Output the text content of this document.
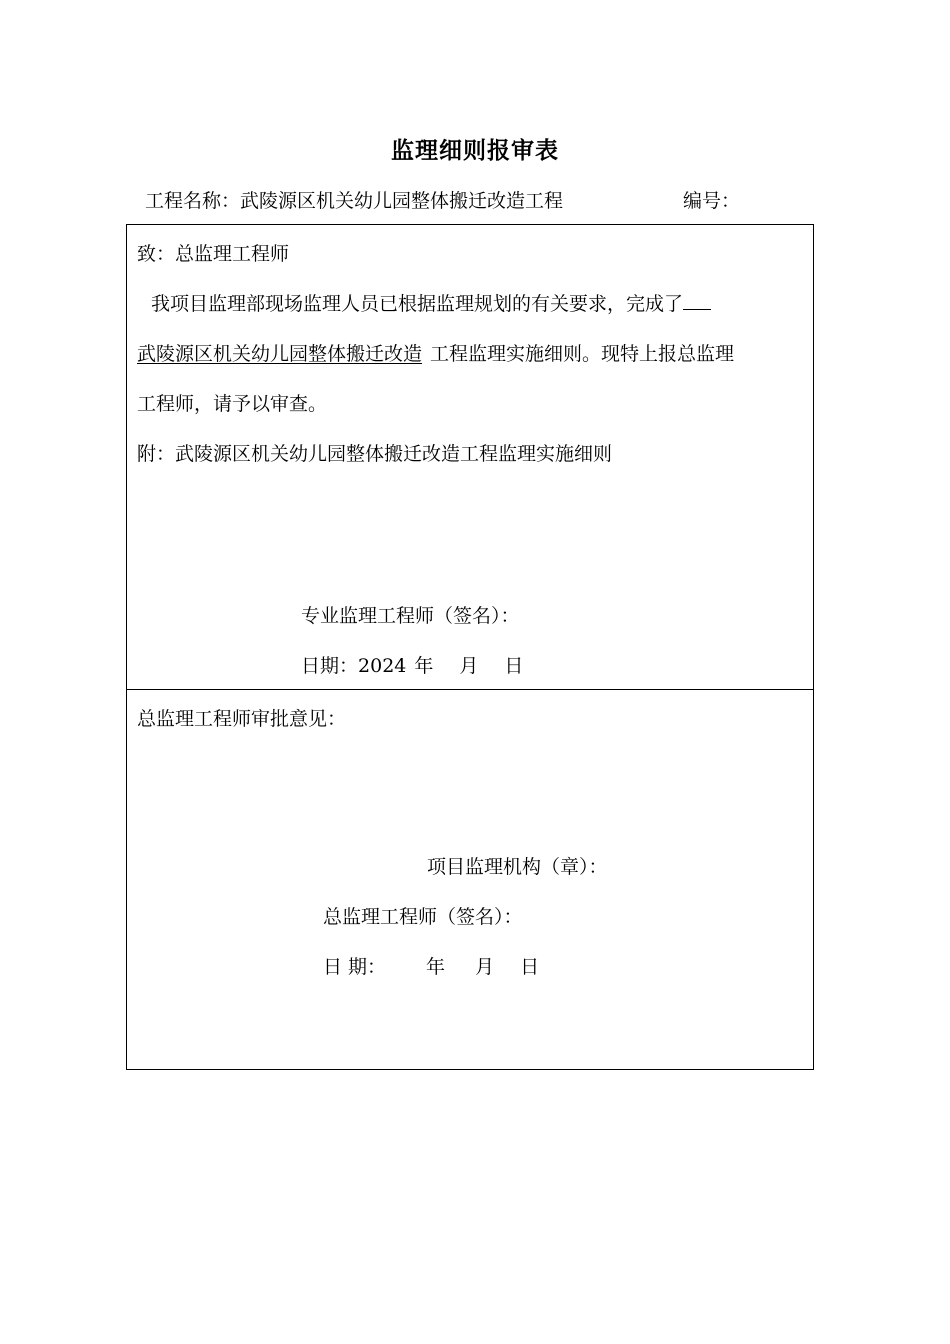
监理细则报审表
工程名称：武陵源区机关幼儿园整体搬迁改造工程	编号：
致：总监理工程师
我项目监理部现场监理人员已根据监理规划的有关要求，完成了
武陵源区机关幼儿园整体搬迁改造 工程监理实施细则。现特上报总监理
工程师，请予以审查。
附：武陵源区机关幼儿园整体搬迁改造工程监理实施细则
专业监理工程师（签名）：
日期：2024 年 月 日
总监理工程师审批意见：
项目监理机构（章）：
总监理工程师（签名）：
日 期： 年 月 日
